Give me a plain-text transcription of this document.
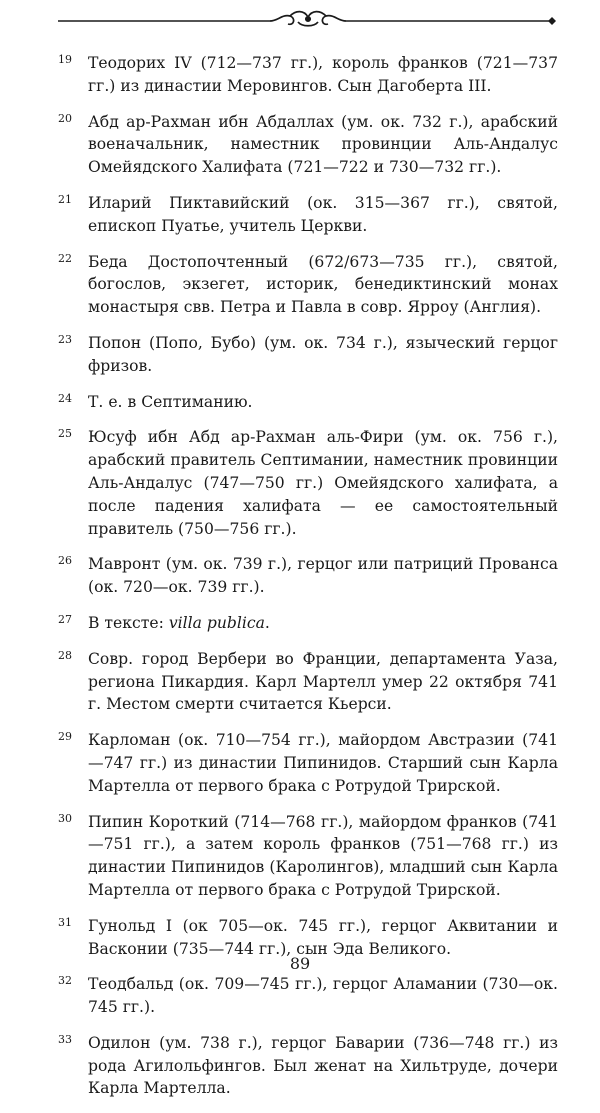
19 Теодорих IV (712—737 гг.), король франков (721—737 гг.) из династии Меровингов. Сын Дагоберта III.
20 Абд ар-Рахман ибн Абдаллах (ум. ок. 732 г.), арабский военачальник, наместник провинции Аль-Андалус Омейядского Халифата (721—722 и 730—732 гг.).
21 Иларий Пиктавийский (ок. 315—367 гг.), святой, епископ Пуатье, учитель Церкви.
22 Беда Достопочтенный (672/673—735 гг.), святой, богослов, экзегет, историк, бенедиктинский монах монастыря свв. Петра и Павла в совр. Ярроу (Англия).
23 Попон (Попо, Бубо) (ум. ок. 734 г.), языческий герцог фризов.
24 Т. е. в Септиманию.
25 Юсуф ибн Абд ар-Рахман аль-Фири (ум. ок. 756 г.), арабский правитель Септимании, наместник провинции Аль-Андалус (747—750 гг.) Омейядского халифата, а после падения халифата — ее самостоятельный правитель (750—756 гг.).
26 Мавронт (ум. ок. 739 г.), герцог или патриций Прованса (ок. 720—ок. 739 гг.).
27 В тексте: villa publica.
28 Совр. город Вербери во Франции, департамента Уаза, региона Пикардия. Карл Мартелл умер 22 октября 741 г. Местом смерти считается Кьерси.
29 Карломан (ок. 710—754 гг.), майордом Австразии (741—747 гг.) из династии Пипинидов. Старший сын Карла Мартелла от первого брака с Ротрудой Трирской.
30 Пипин Короткий (714—768 гг.), майордом франков (741—751 гг.), а затем король франков (751—768 гг.) из династии Пипинидов (Каролингов), младший сын Карла Мартелла от первого брака с Ротрудой Трирской.
31 Гунольд I (ок 705—ок. 745 гг.), герцог Аквитании и Васконии (735—744 гг.), сын Эда Великого.
32 Теодбальд (ок. 709—745 гг.), герцог Аламании (730—ок. 745 гг.).
33 Одилон (ум. 738 г.), герцог Баварии (736—748 гг.) из рода Агилольфингов. Был женат на Хильтруде, дочери Карла Мартелла.
89
